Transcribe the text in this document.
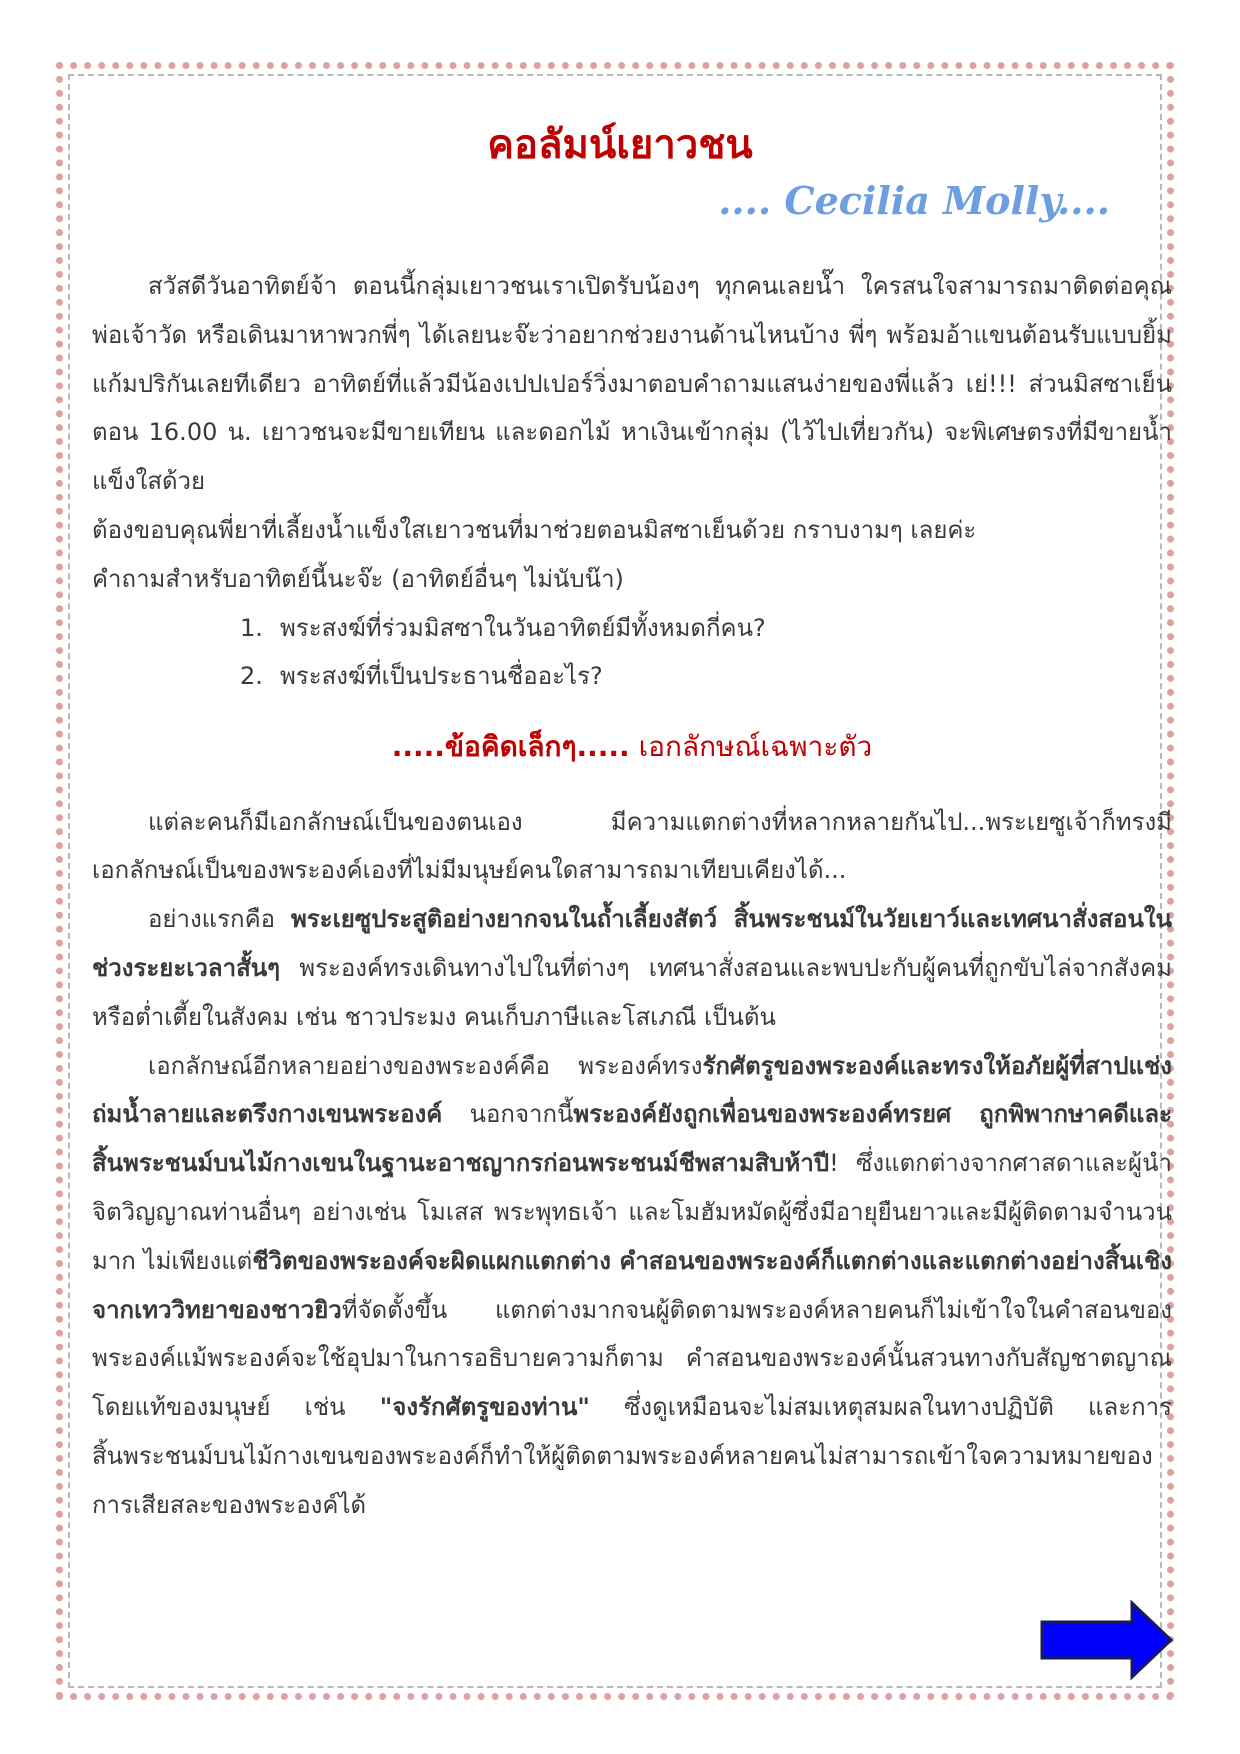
คอลัมน์เยาวชน
.... Cecilia Molly....

สวัสดีวันอาทิตย์จ้า ตอนนี้กลุ่มเยาวชนเราเปิดรับน้องๆ ทุกคนเลยนํ๊า ใครสนใจสามารถมาติดต่อคุณพ่อเจ้าวัด หรือเดินมาหาพวกพี่ๆ ได้เลยนะจ๊ะว่าอยากช่วยงานด้านไหนบ้าง พี่ๆ พร้อมอ้าแขนต้อนรับแบบยิ้มแก้มปริกันเลยทีเดียว อาทิตย์ที่แล้วมีน้องเปปเปอร์วิ่งมาตอบคำถามแสนง่ายของพี่แล้ว เย่!!! ส่วนมิสซาเย็นตอน 16.00 น. เยาวชนจะมีขายเทียน และดอกไม้ หาเงินเข้ากลุ่ม (ไว้ไปเที่ยวกัน) จะพิเศษตรงที่มีขายน้ำแข็งใสด้วย

ต้องขอบคุณพี่ยาที่เลี้ยงน้ำแข็งใสเยาวชนที่มาช่วยตอนมิสซาเย็นด้วย กราบงามๆ เลยค่ะ

คำถามสำหรับอาทิตย์นี้นะจ๊ะ (อาทิตย์อื่นๆ ไม่นับน๊า)

1. พระสงฆ์ที่ร่วมมิสซาในวันอาทิตย์มีทั้งหมดกี่คน?
2. พระสงฆ์ที่เป็นประธานชื่ออะไร?
.....ข้อคิดเล็กๆ..... เอกลักษณ์เฉพาะตัว

แต่ละคนก็มีเอกลักษณ์เป็นของตนเอง มีความแตกต่างที่หลากหลายกันไป...พระเยซูเจ้าก็ทรงมีเอกลักษณ์เป็นของพระองค์เองที่ไม่มีมนุษย์คนใดสามารถมาเทียบเคียงได้...

อย่างแรกคือ พระเยซูประสูติอย่างยากจนในถ้ำเลี้ยงสัตว์ สิ้นพระชนม์ในวัยเยาว์และเทศนาสั่งสอนในช่วงระยะเวลาสั้นๆ พระองค์ทรงเดินทางไปในที่ต่างๆ เทศนาสั่งสอนและพบปะกับผู้คนที่ถูกขับไล่จากสังคมหรือต่ำเตี้ยในสังคม เช่น ชาวประมง คนเก็บภาษีและโสเภณี เป็นต้น

เอกลักษณ์อีกหลายอย่างของพระองค์คือ พระองค์ทรงรักศัตรูของพระองค์และทรงให้อภัยผู้ที่สาปแช่ง ถ่มน้ำลายและตรึงกางเขนพระองค์ นอกจากนี้พระองค์ยังถูกเพื่อนของพระองค์ทรยศ ถูกพิพากษาคดีและสิ้นพระชนม์บนไม้กางเขนในฐานะอาชญากรก่อนพระชนม์ชีพสามสิบห้าปี! ซึ่งแตกต่างจากศาสดาและผู้นำจิตวิญญาณท่านอื่นๆ อย่างเช่น โมเสส พระพุทธเจ้า และโมฮัมหมัดผู้ซึ่งมีอายุยืนยาวและมีผู้ติดตามจำนวนมาก ไม่เพียงแต่ชีวิตของพระองค์จะผิดแผกแตกต่าง คำสอนของพระองค์ก็แตกต่างและแตกต่างอย่างสิ้นเชิงจากเทววิทยาของชาวยิวที่จัดตั้งขึ้น แตกต่างมากจนผู้ติดตามพระองค์หลายคนก็ไม่เข้าใจในคำสอนของพระองค์แม้พระองค์จะใช้อุปมาในการอธิบายความก็ตาม คำสอนของพระองค์นั้นสวนทางกับสัญชาตญาณโดยแท้ของมนุษย์ เช่น "จงรักศัตรูของท่าน" ซึ่งดูเหมือนจะไม่สมเหตุสมผลในทางปฏิบัติ และการสิ้นพระชนม์บนไม้กางเขนของพระองค์ก็ทำให้ผู้ติดตามพระองค์หลายคนไม่สามารถเข้าใจความหมายของการเสียสละของพระองค์ได้
